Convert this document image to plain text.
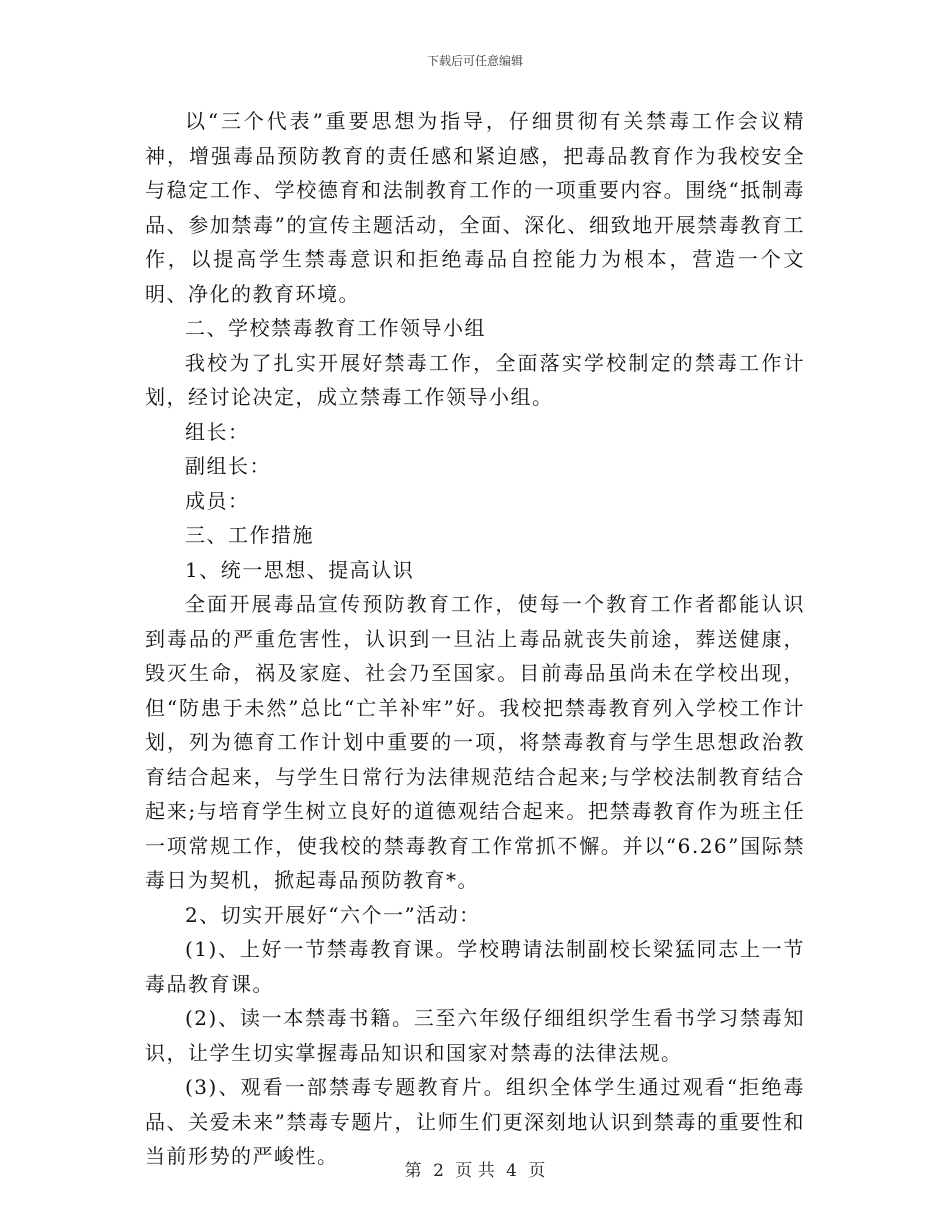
下载后可任意编辑

以“三个代表”重要思想为指导，仔细贯彻有关禁毒工作会议精神，增强毒品预防教育的责任感和紧迫感，把毒品教育作为我校安全与稳定工作、学校德育和法制教育工作的一项重要内容。围绕“抵制毒品、参加禁毒”的宣传主题活动，全面、深化、细致地开展禁毒教育工作，以提高学生禁毒意识和拒绝毒品自控能力为根本，营造一个文明、净化的教育环境。

二、学校禁毒教育工作领导小组

我校为了扎实开展好禁毒工作，全面落实学校制定的禁毒工作计划，经讨论决定，成立禁毒工作领导小组。

组长：

副组长：

成员：

三、工作措施

1、统一思想、提高认识

全面开展毒品宣传预防教育工作，使每一个教育工作者都能认识到毒品的严重危害性，认识到一旦沾上毒品就丧失前途，葬送健康，毁灭生命，祸及家庭、社会乃至国家。目前毒品虽尚未在学校出现，但“防患于未然”总比“亡羊补牢”好。我校把禁毒教育列入学校工作计划，列为德育工作计划中重要的一项，将禁毒教育与学生思想政治教育结合起来，与学生日常行为法律规范结合起来;与学校法制教育结合起来;与培育学生树立良好的道德观结合起来。把禁毒教育作为班主任一项常规工作，使我校的禁毒教育工作常抓不懈。并以“6.26”国际禁毒日为契机，掀起毒品预防教育*。

2、切实开展好“六个一”活动：

(1)、上好一节禁毒教育课。学校聘请法制副校长梁猛同志上一节毒品教育课。

(2)、读一本禁毒书籍。三至六年级仔细组织学生看书学习禁毒知识，让学生切实掌握毒品知识和国家对禁毒的法律法规。

(3)、观看一部禁毒专题教育片。组织全体学生通过观看“拒绝毒品、关爱未来”禁毒专题片，让师生们更深刻地认识到禁毒的重要性和当前形势的严峻性。

第 2 页 共 4 页
